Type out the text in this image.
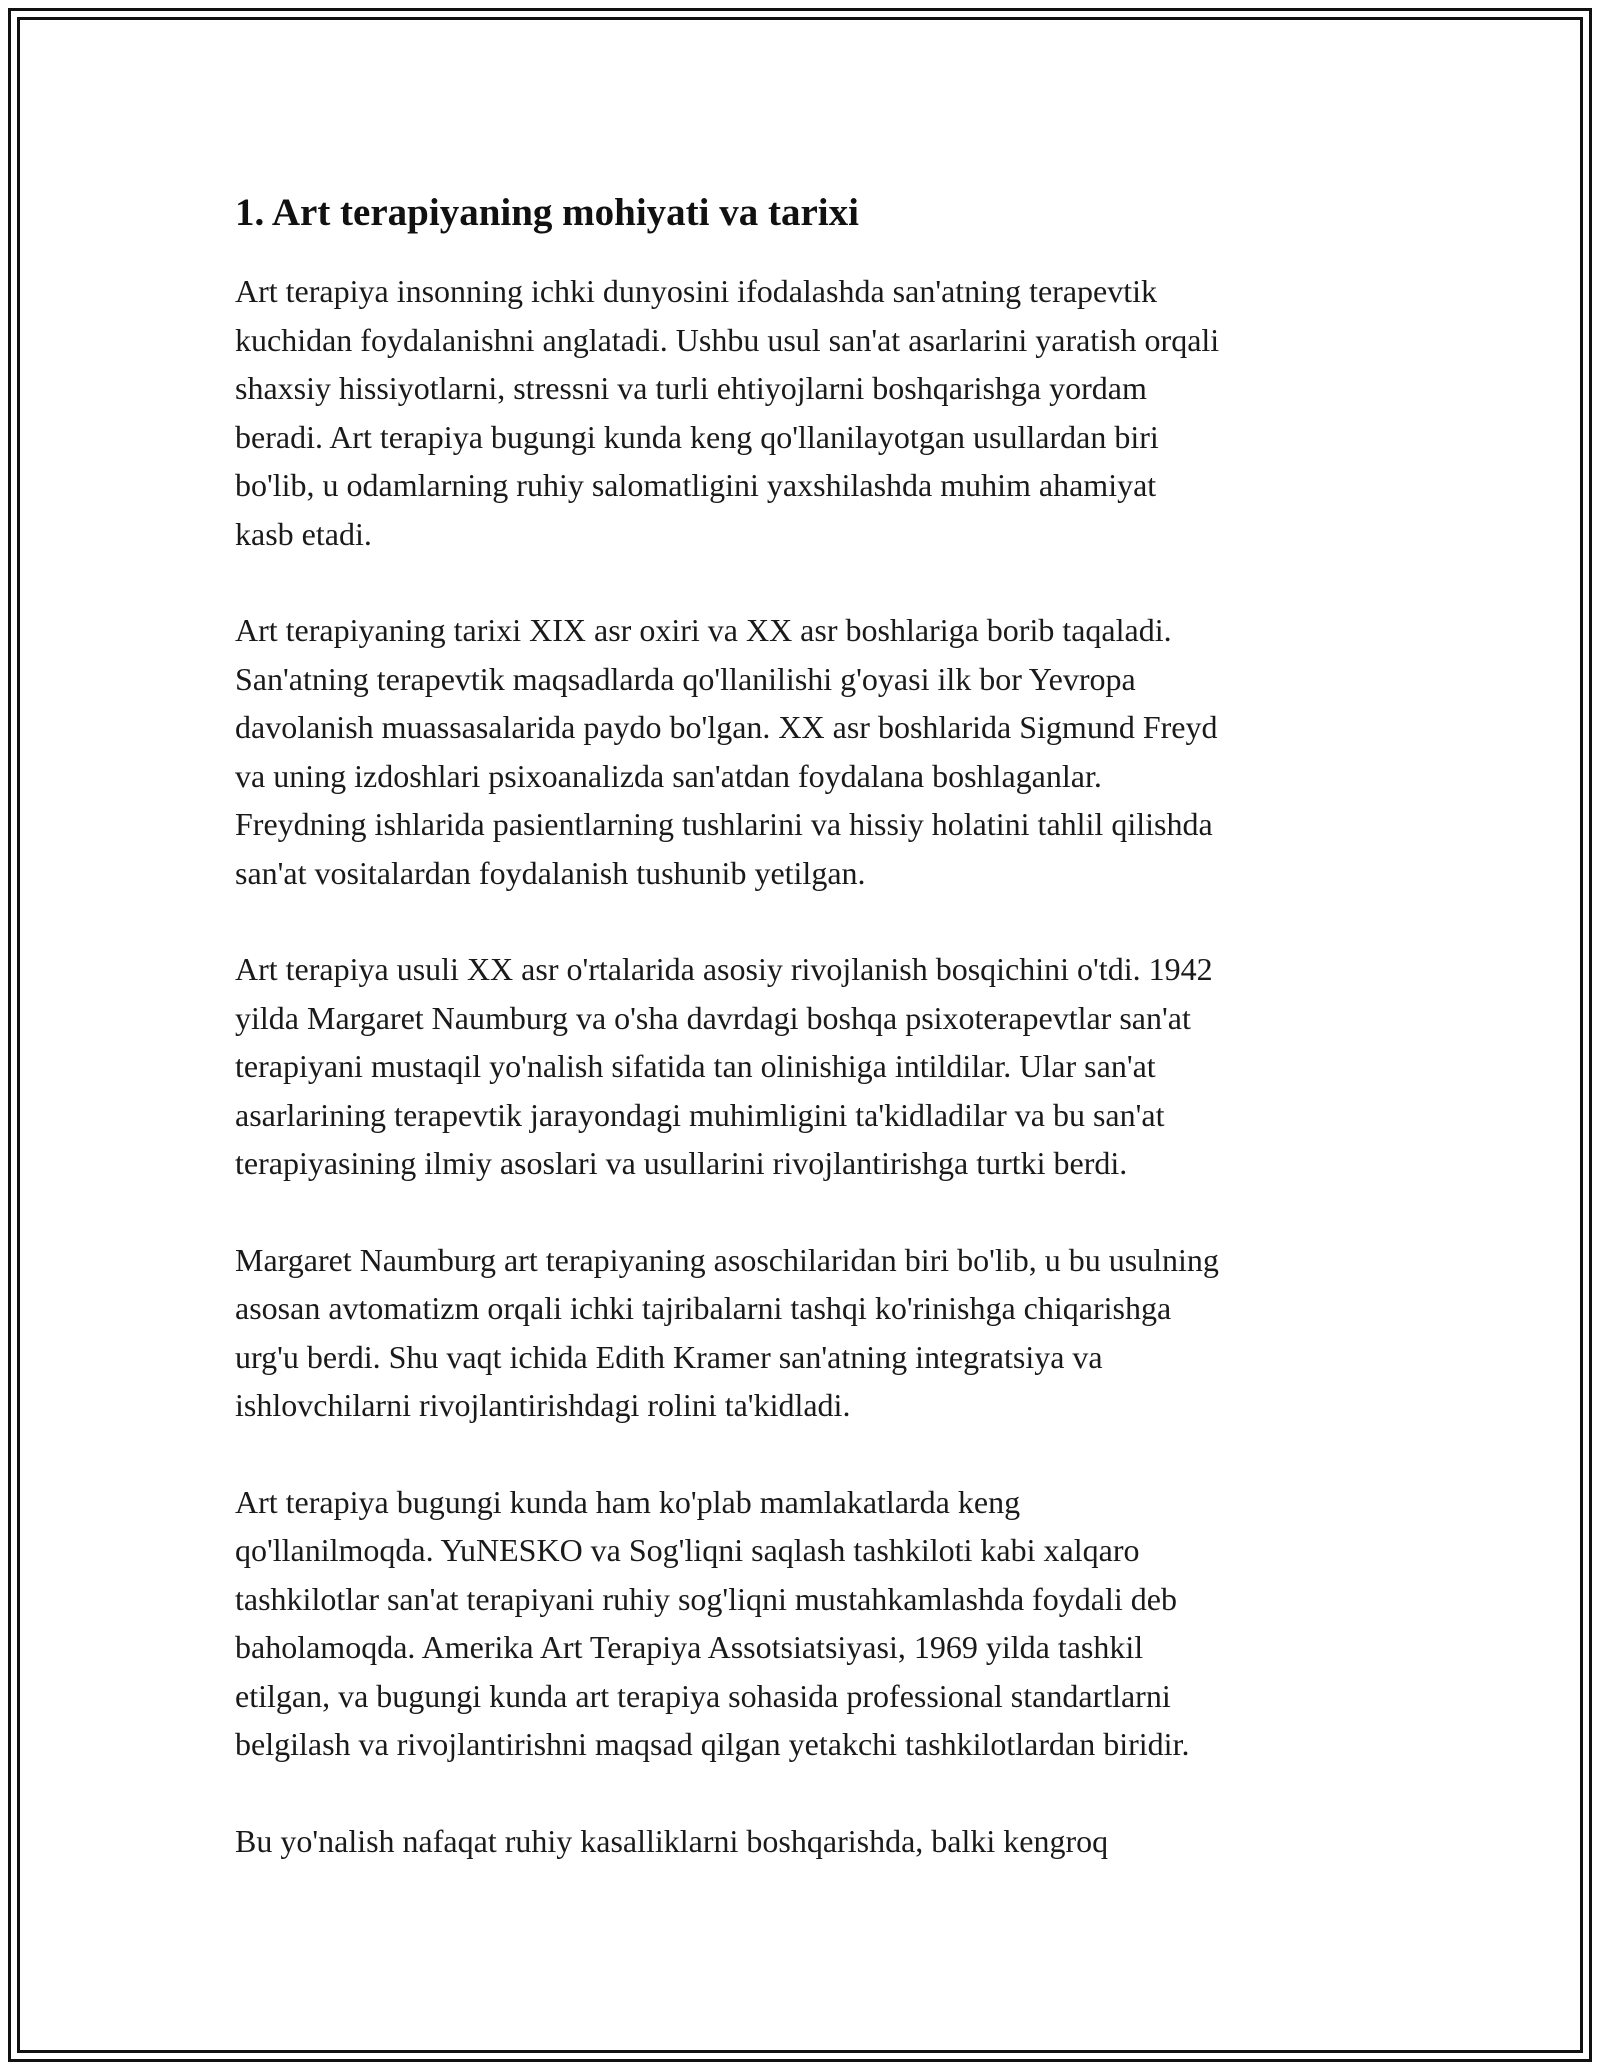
1. Art terapiyaning mohiyati va tarixi

Art terapiya insonning ichki dunyosini ifodalashda san'atning terapevtik
kuchidan foydalanishni anglatadi. Ushbu usul san'at asarlarini yaratish orqali
shaxsiy hissiyotlarni, stressni va turli ehtiyojlarni boshqarishga yordam
beradi. Art terapiya bugungi kunda keng qo'llanilayotgan usullardan biri
bo'lib, u odamlarning ruhiy salomatligini yaxshilashda muhim ahamiyat
kasb etadi.

Art terapiyaning tarixi XIX asr oxiri va XX asr boshlariga borib taqaladi.
San'atning terapevtik maqsadlarda qo'llanilishi g'oyasi ilk bor Yevropa
davolanish muassasalarida paydo bo'lgan. XX asr boshlarida Sigmund Freyd
va uning izdoshlari psixoanalizda san'atdan foydalana boshlaganlar.
Freydning ishlarida pasientlarning tushlarini va hissiy holatini tahlil qilishda
san'at vositalardan foydalanish tushunib yetilgan.

Art terapiya usuli XX asr o'rtalarida asosiy rivojlanish bosqichini o'tdi. 1942
yilda Margaret Naumburg va o'sha davrdagi boshqa psixoterapevtlar san'at
terapiyani mustaqil yo'nalish sifatida tan olinishiga intildilar. Ular san'at
asarlarining terapevtik jarayondagi muhimligini ta'kidladilar va bu san'at
terapiyasining ilmiy asoslari va usullarini rivojlantirishga turtki berdi.

Margaret Naumburg art terapiyaning asoschilaridan biri bo'lib, u bu usulning
asosan avtomatizm orqali ichki tajribalarni tashqi ko'rinishga chiqarishga
urg'u berdi. Shu vaqt ichida Edith Kramer san'atning integratsiya va
ishlovchilarni rivojlantirishdagi rolini ta'kidladi.

Art terapiya bugungi kunda ham ko'plab mamlakatlarda keng
qo'llanilmoqda. YuNESKO va Sog'liqni saqlash tashkiloti kabi xalqaro
tashkilotlar san'at terapiyani ruhiy sog'liqni mustahkamlashda foydali deb
baholamoqda. Amerika Art Terapiya Assotsiatsiyasi, 1969 yilda tashkil
etilgan, va bugungi kunda art terapiya sohasida professional standartlarni
belgilash va rivojlantirishni maqsad qilgan yetakchi tashkilotlardan biridir.

Bu yo'nalish nafaqat ruhiy kasalliklarni boshqarishda, balki kengroq
